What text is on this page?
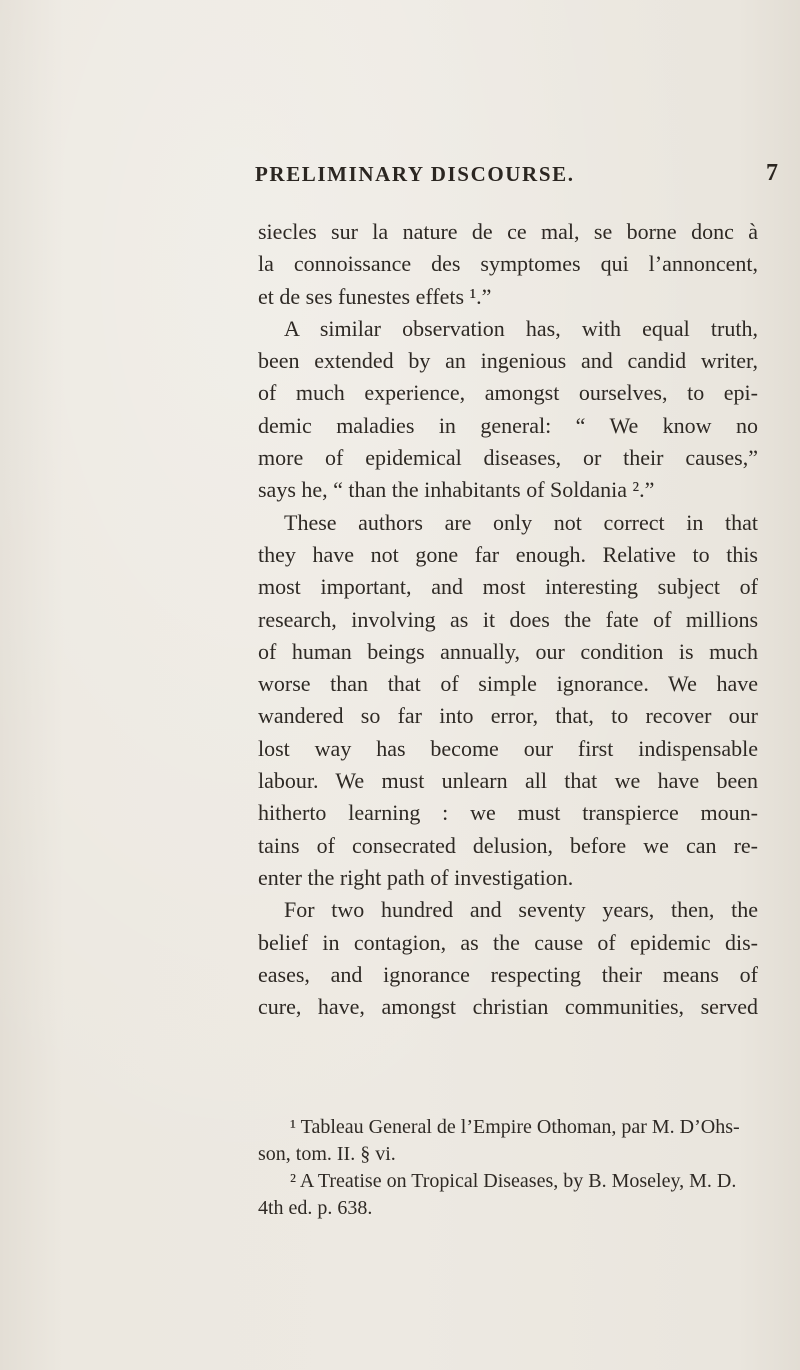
PRELIMINARY DISCOURSE.	7
siecles sur la nature de ce mal, se borne donc à
la connoissance des symptomes qui l’annoncent,
et de ses funestes effets ¹.”
A similar observation has, with equal truth,
been extended by an ingenious and candid writer,
of much experience, amongst ourselves, to epi-
demic maladies in general: “ We know no
more of epidemical diseases, or their causes,”
says he, “ than the inhabitants of Soldania ².”
These authors are only not correct in that
they have not gone far enough. Relative to this
most important, and most interesting subject of
research, involving as it does the fate of millions
of human beings annually, our condition is much
worse than that of simple ignorance. We have
wandered so far into error, that, to recover our
lost way has become our first indispensable
labour. We must unlearn all that we have been
hitherto learning : we must transpierce moun-
tains of consecrated delusion, before we can re-
enter the right path of investigation.
For two hundred and seventy years, then, the
belief in contagion, as the cause of epidemic dis-
eases, and ignorance respecting their means of
cure, have, amongst christian communities, served
¹ Tableau General de l’Empire Othoman, par M. D’Ohs-
son, tom. II. § vi.
² A Treatise on Tropical Diseases, by B. Moseley, M. D.
4th ed. p. 638.
